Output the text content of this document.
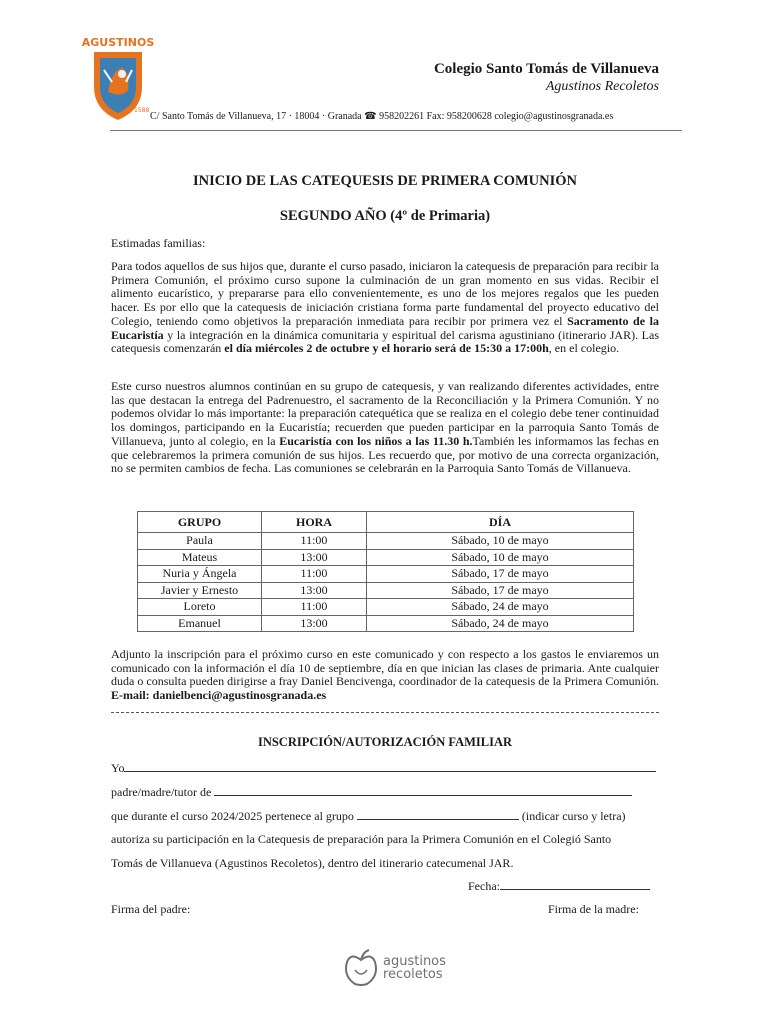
AGUSTINOS
1588
Colegio Santo Tomás de Villanueva
Agustinos Recoletos
C/ Santo Tomás de Villanueva, 17 · 18004 · Granada ☎ 958202261 Fax: 958200628 colegio@agustinosgranada.es
INICIO DE LAS CATEQUESIS DE PRIMERA COMUNIÓN
SEGUNDO AÑO (4º de Primaria)
Estimadas familias:
Para todos aquellos de sus hijos que, durante el curso pasado, iniciaron la catequesis de preparación para recibir la Primera Comunión, el próximo curso supone la culminación de un gran momento en sus vidas. Recibir el alimento eucarístico, y prepararse para ello convenientemente, es uno de los mejores regalos que les pueden hacer. Es por ello que la catequesis de iniciación cristiana forma parte fundamental del proyecto educativo del Colegio, teniendo como objetivos la preparación inmediata para recibir por primera vez el Sacramento de la Eucaristía y la integración en la dinámica comunitaria y espiritual del carisma agustiniano (itinerario JAR). Las catequesis comenzarán el día miércoles 2 de octubre y el horario será de 15:30 a 17:00h, en el colegio.
Este curso nuestros alumnos continúan en su grupo de catequesis, y van realizando diferentes actividades, entre las que destacan la entrega del Padrenuestro, el sacramento de la Reconciliación y la Primera Comunión. Y no podemos olvidar lo más importante: la preparación catequética que se realiza en el colegio debe tener continuidad los domingos, participando en la Eucaristía; recuerden que pueden participar en la parroquia Santo Tomás de Villanueva, junto al colegio, en la Eucaristía con los niños a las 11.30 h.También les informamos las fechas en que celebraremos la primera comunión de sus hijos. Les recuerdo que, por motivo de una correcta organización, no se permiten cambios de fecha. Las comuniones se celebrarán en la Parroquia Santo Tomás de Villanueva.
GRUPO	HORA	DÍA
Paula	11:00	Sábado, 10 de mayo
Mateus	13:00	Sábado, 10 de mayo
Nuria y Ángela	11:00	Sábado, 17 de mayo
Javier y Ernesto	13:00	Sábado, 17 de mayo
Loreto	11:00	Sábado, 24 de mayo
Emanuel	13:00	Sábado, 24 de mayo
Adjunto la inscripción para el próximo curso en este comunicado y con respecto a los gastos le enviaremos un comunicado con la información el día 10 de septiembre, día en que inician las clases de primaria. Ante cualquier duda o consulta pueden dirigirse a fray Daniel Bencivenga, coordinador de la catequesis de la Primera Comunión. E-mail: danielbenci@agustinosgranada.es
INSCRIPCIÓN/AUTORIZACIÓN FAMILIAR
Yo
padre/madre/tutor de
que durante el curso 2024/2025 pertenece al grupo	(indicar curso y letra)
autoriza su participación en la Catequesis de preparación para la Primera Comunión en el Colegió Santo
Tomás de Villanueva (Agustinos Recoletos), dentro del itinerario catecumenal JAR.
Fecha:
Firma del padre:	Firma de la madre:
agustinos
recoletos
